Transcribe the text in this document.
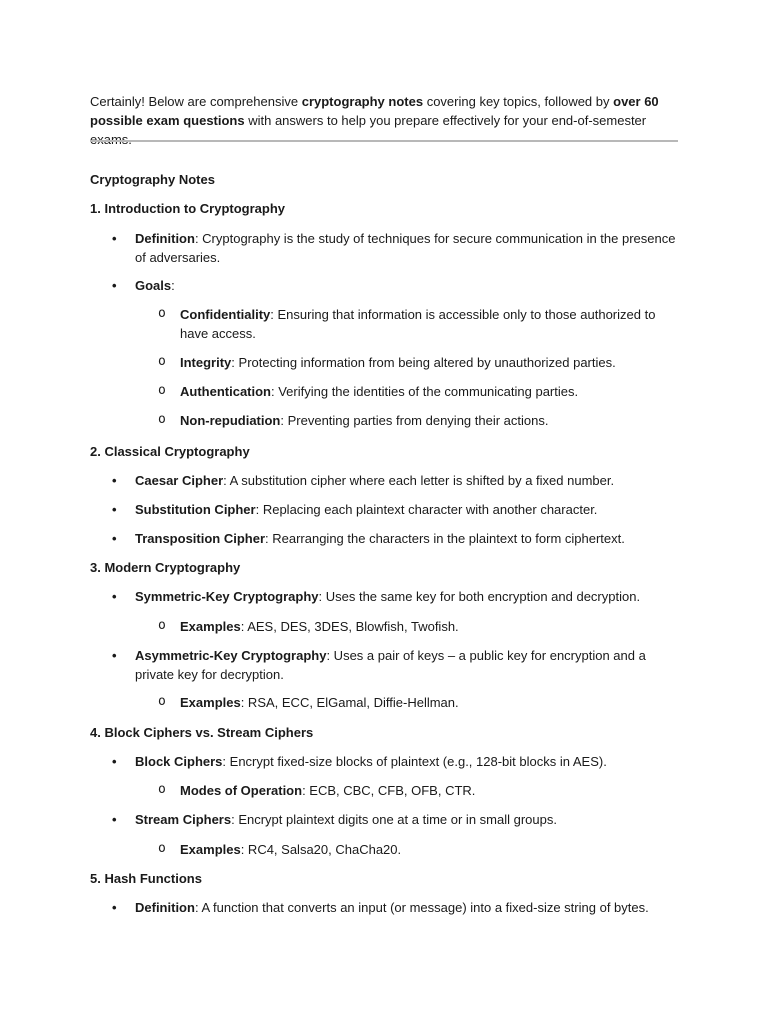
Certainly! Below are comprehensive cryptography notes covering key topics, followed by over 60 possible exam questions with answers to help you prepare effectively for your end-of-semester exams.
Cryptography Notes
1. Introduction to Cryptography
• Definition: Cryptography is the study of techniques for secure communication in the presence of adversaries.
• Goals:
o Confidentiality: Ensuring that information is accessible only to those authorized to have access.
o Integrity: Protecting information from being altered by unauthorized parties.
o Authentication: Verifying the identities of the communicating parties.
o Non-repudiation: Preventing parties from denying their actions.
2. Classical Cryptography
• Caesar Cipher: A substitution cipher where each letter is shifted by a fixed number.
• Substitution Cipher: Replacing each plaintext character with another character.
• Transposition Cipher: Rearranging the characters in the plaintext to form ciphertext.
3. Modern Cryptography
• Symmetric-Key Cryptography: Uses the same key for both encryption and decryption.
o Examples: AES, DES, 3DES, Blowfish, Twofish.
• Asymmetric-Key Cryptography: Uses a pair of keys – a public key for encryption and a private key for decryption.
o Examples: RSA, ECC, ElGamal, Diffie-Hellman.
4. Block Ciphers vs. Stream Ciphers
• Block Ciphers: Encrypt fixed-size blocks of plaintext (e.g., 128-bit blocks in AES).
o Modes of Operation: ECB, CBC, CFB, OFB, CTR.
• Stream Ciphers: Encrypt plaintext digits one at a time or in small groups.
o Examples: RC4, Salsa20, ChaCha20.
5. Hash Functions
• Definition: A function that converts an input (or message) into a fixed-size string of bytes.
